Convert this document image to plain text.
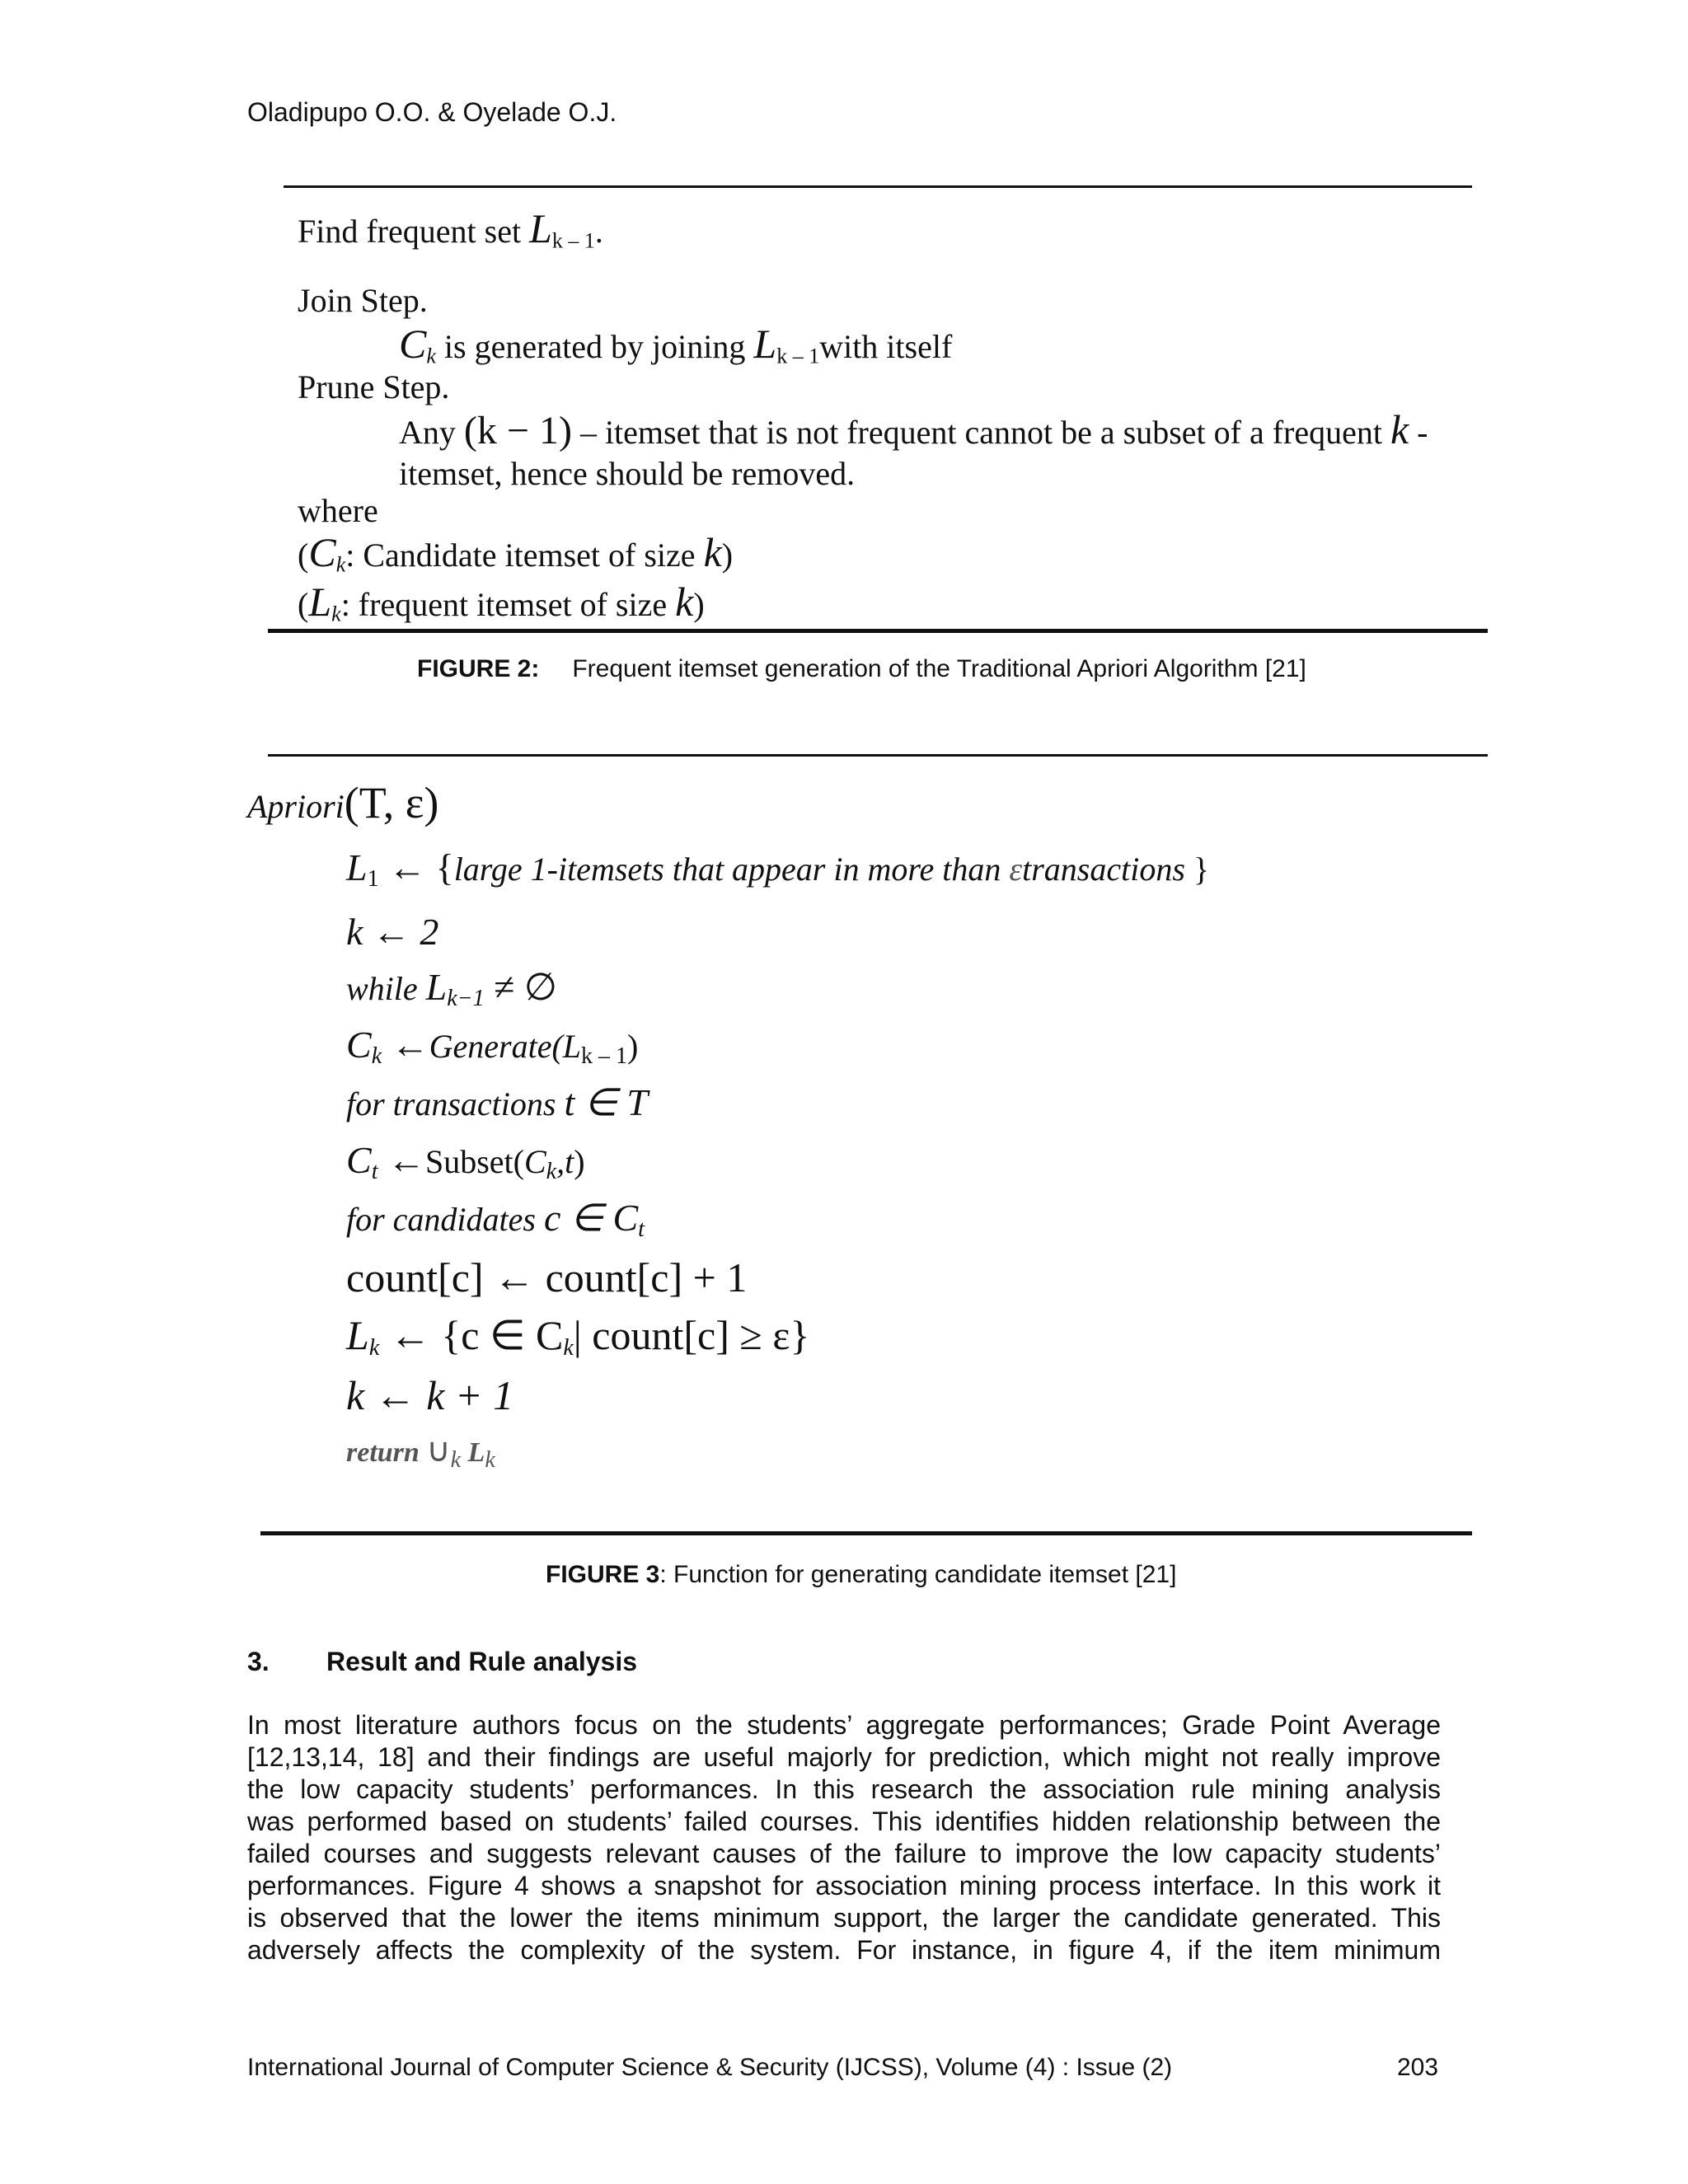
Oladipupo O.O. & Oyelade O.J.
Find frequent set $L_{k - 1}$.
Join Step.
$C_k$ is generated by joining $L_{k - 1}with$ itself
Prune Step.
Any (k − 1) – itemset that is not frequent cannot be a subset of a frequent k -
itemset, hence should be removed.
where
($C_k$: Candidate itemset of size k)
($L_k$: frequent itemset of size k)
FIGURE 2: Frequent itemset generation of the Traditional Apriori Algorithm [21]
Apriori(T, ε)
$L_1$ ← {large 1-itemsets that appear in more than εtransactions }
k ← 2
while $L_{k-1}$ ≠ ∅
$C_k$ $\leftarrow Generate(L_{k - 1})$
for transactions t ∈ T
$C_t$ $\leftarrow Subset(C_k,t)$
for candidates c ∈ $C_t$
count[c] ← count[c] + 1
$L_k$ ← {c ∈ $C_k|$ count[c] ≥ ε}
k ← k + 1
return $\cup_k$ $L_k$
FIGURE 3: Function for generating candidate itemset [21]
3. Result and Rule analysis
In most literature authors focus on the students’ aggregate performances; Grade Point Average
[12,13,14, 18] and their findings are useful majorly for prediction, which might not really improve
the low capacity students’ performances. In this research the association rule mining analysis
was performed based on students’ failed courses. This identifies hidden relationship between the
failed courses and suggests relevant causes of the failure to improve the low capacity students’
performances. Figure 4 shows a snapshot for association mining process interface. In this work it
is observed that the lower the items minimum support, the larger the candidate generated. This
adversely affects the complexity of the system. For instance, in figure 4, if the item minimum
International Journal of Computer Science & Security (IJCSS), Volume (4) : Issue (2)	203
